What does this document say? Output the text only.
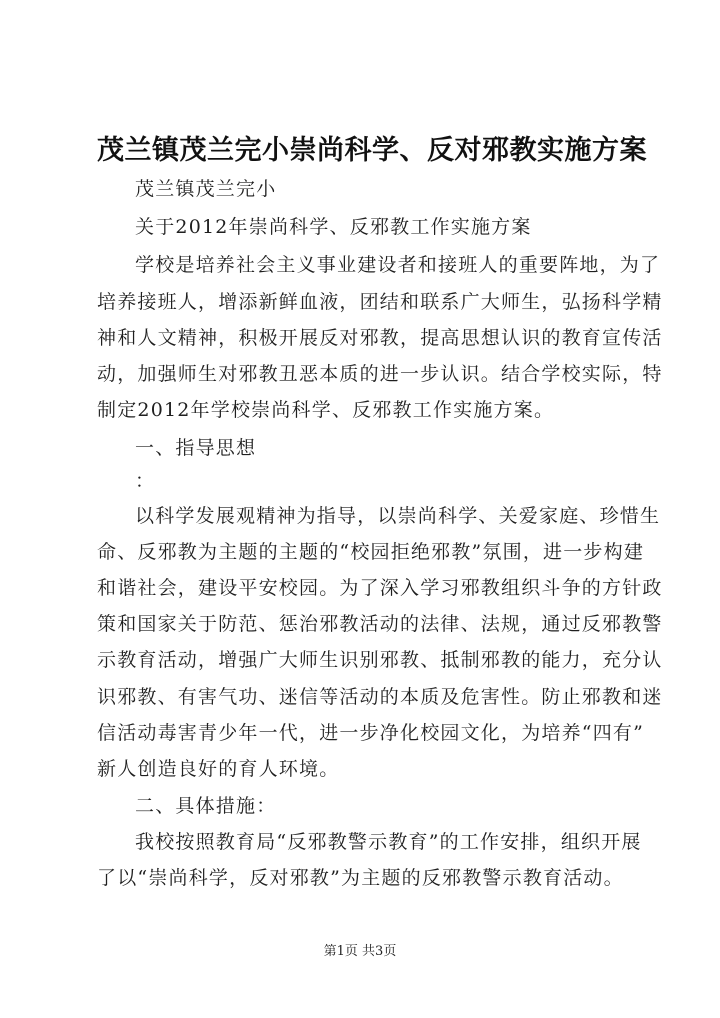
茂兰镇茂兰完小崇尚科学、反对邪教实施方案
茂兰镇茂兰完小
关于2012年崇尚科学、反邪教工作实施方案
学校是培养社会主义事业建设者和接班人的重要阵地，为了
培养接班人，增添新鲜血液，团结和联系广大师生，弘扬科学精
神和人文精神，积极开展反对邪教，提高思想认识的教育宣传活
动，加强师生对邪教丑恶本质的进一步认识。结合学校实际，特
制定2012年学校崇尚科学、反邪教工作实施方案。
一、指导思想
：
以科学发展观精神为指导，以崇尚科学、关爱家庭、珍惜生
命、反邪教为主题的主题的“校园拒绝邪教”氛围，进一步构建
和谐社会，建设平安校园。为了深入学习邪教组织斗争的方针政
策和国家关于防范、惩治邪教活动的法律、法规，通过反邪教警
示教育活动，增强广大师生识别邪教、抵制邪教的能力，充分认
识邪教、有害气功、迷信等活动的本质及危害性。防止邪教和迷
信活动毒害青少年一代，进一步净化校园文化，为培养“四有”
新人创造良好的育人环境。
二、具体措施：
我校按照教育局“反邪教警示教育”的工作安排，组织开展
了以“崇尚科学，反对邪教”为主题的反邪教警示教育活动。
第1页 共3页
